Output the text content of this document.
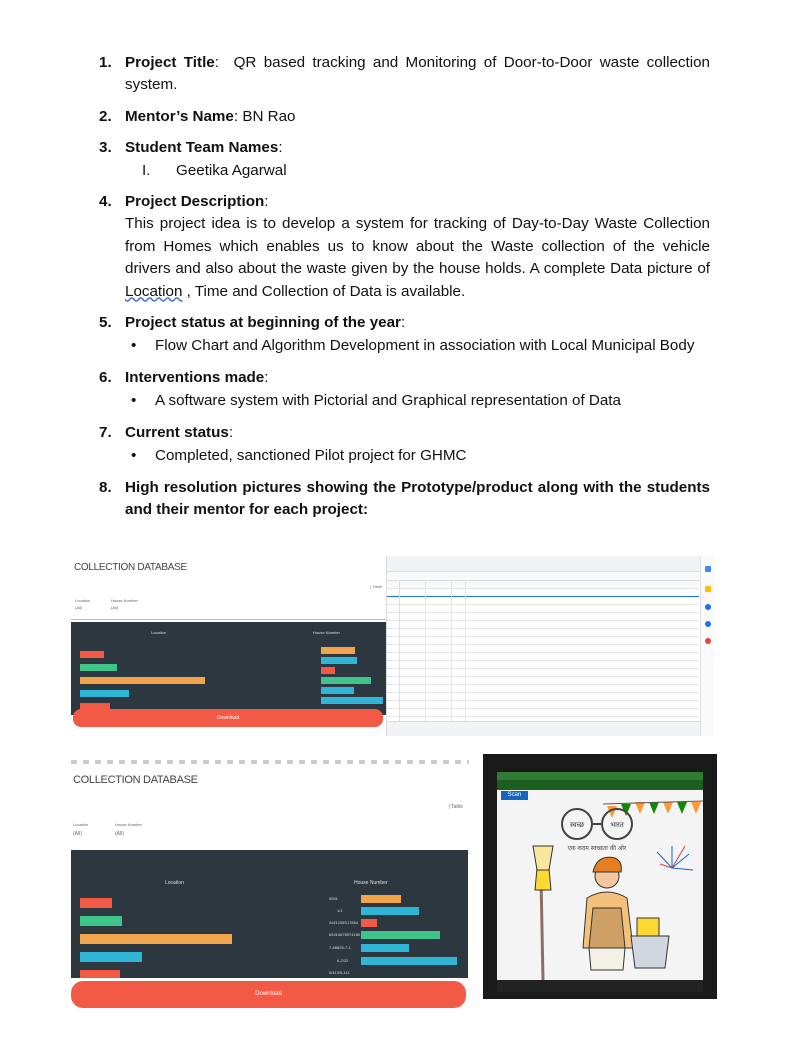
1. Project Title:  QR based tracking and Monitoring of Door-to-Door waste collection system.
2. Mentor’s Name: BN Rao
3. Student Team Names:
I. Geetika Agarwal
4. Project Description:
This project idea is to develop a system for tracking of Day-to-Day Waste Collection from Homes which enables us to know about the Waste collection of the vehicle drivers and also about the waste given by the house holds. A complete Data picture of Location , Time and Collection of Data is available.
5. Project status at beginning of the year:
• Flow Chart and Algorithm Development in association with Local Municipal Body
6. Interventions made:
• A software system with Pictorial and Graphical representation of Data
7. Current status:
• Completed, sanctioned Pilot project for GHMC
8. High resolution pictures showing the Prototype/product along with the students and their mentor for each project:
COLLECTION DATABASE
| Table
Location
(All)
House Number
(All)
Location	House Number
Download
COLLECTION DATABASE
| Table
Location
(All)
House Number
(All)
Location	House Number
5551
1/1
2d11205S17884
65215678974180
7-88825-7-1
6-2/22
6/413/5-111
Download
Scan
स्वच्छ	भारत
एक कदम स्वच्छता की ओर
